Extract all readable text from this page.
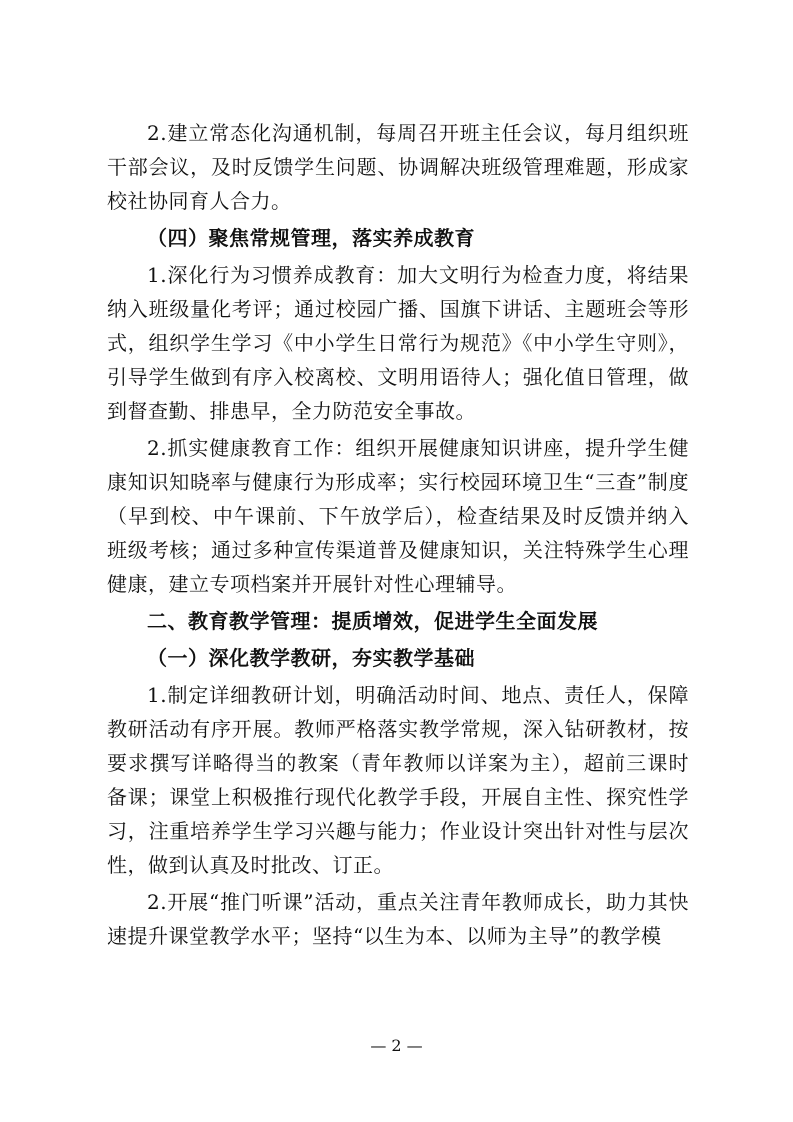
2.建立常态化沟通机制，每周召开班主任会议，每月组织班干部会议，及时反馈学生问题、协调解决班级管理难题，形成家校社协同育人合力。

（四）聚焦常规管理，落实养成教育

1.深化行为习惯养成教育：加大文明行为检查力度，将结果纳入班级量化考评；通过校园广播、国旗下讲话、主题班会等形式，组织学生学习《中小学生日常行为规范》《中小学生守则》，引导学生做到有序入校离校、文明用语待人；强化值日管理，做到督查勤、排患早，全力防范安全事故。

2.抓实健康教育工作：组织开展健康知识讲座，提升学生健康知识知晓率与健康行为形成率；实行校园环境卫生“三查”制度（早到校、中午课前、下午放学后），检查结果及时反馈并纳入班级考核；通过多种宣传渠道普及健康知识，关注特殊学生心理健康，建立专项档案并开展针对性心理辅导。

二、教育教学管理：提质增效，促进学生全面发展

（一）深化教学教研，夯实教学基础

1.制定详细教研计划，明确活动时间、地点、责任人，保障教研活动有序开展。教师严格落实教学常规，深入钻研教材，按要求撰写详略得当的教案（青年教师以详案为主），超前三课时备课；课堂上积极推行现代化教学手段，开展自主性、探究性学习，注重培养学生学习兴趣与能力；作业设计突出针对性与层次性，做到认真及时批改、订正。

2.开展“推门听课”活动，重点关注青年教师成长，助力其快速提升课堂教学水平；坚持“以生为本、以师为主导”的教学模

— 2 —
